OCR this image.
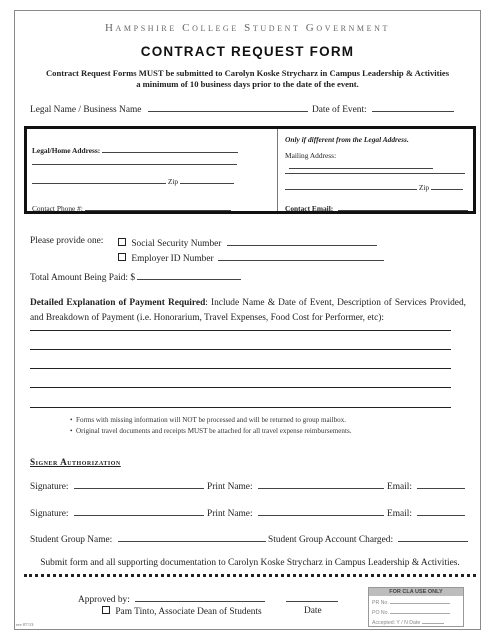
Hampshire College Student Government
CONTRACT REQUEST FORM
Contract Request Forms MUST be submitted to Carolyn Koske Strycharz in Campus Leadership & Activities
a minimum of 10 business days prior to the date of the event.
Legal Name / Business Name	Date of Event:
Legal/Home Address:
Zip
Contact Phone #:
Only if different from the Legal Address.
Mailing Address:
Zip
Contact Email:
Please provide one:	Social Security Number
Employer ID Number
Total Amount Being Paid: $
Detailed Explanation of Payment Required: Include Name & Date of Event, Description of Services Provided, and Breakdown of Payment (i.e. Honorarium, Travel Expenses, Food Cost for Performer, etc):
•  Forms with missing information will NOT be processed and will be returned to group mailbox.
•  Original travel documents and receipts MUST be attached for all travel expense reimbursements.
Signer Authorization
Signature:	Print Name:	Email:
Signature:	Print Name:	Email:
Student Group Name:	Student Group Account Charged:
Submit form and all supporting documentation to Carolyn Koske Strycharz in Campus Leadership & Activities.
Approved by:
Pam Tinto, Associate Dean of Students	Date
FOR CLA USE ONLY
PR No.
PO No.
Accepted: Y / N Date
rev 07/13
